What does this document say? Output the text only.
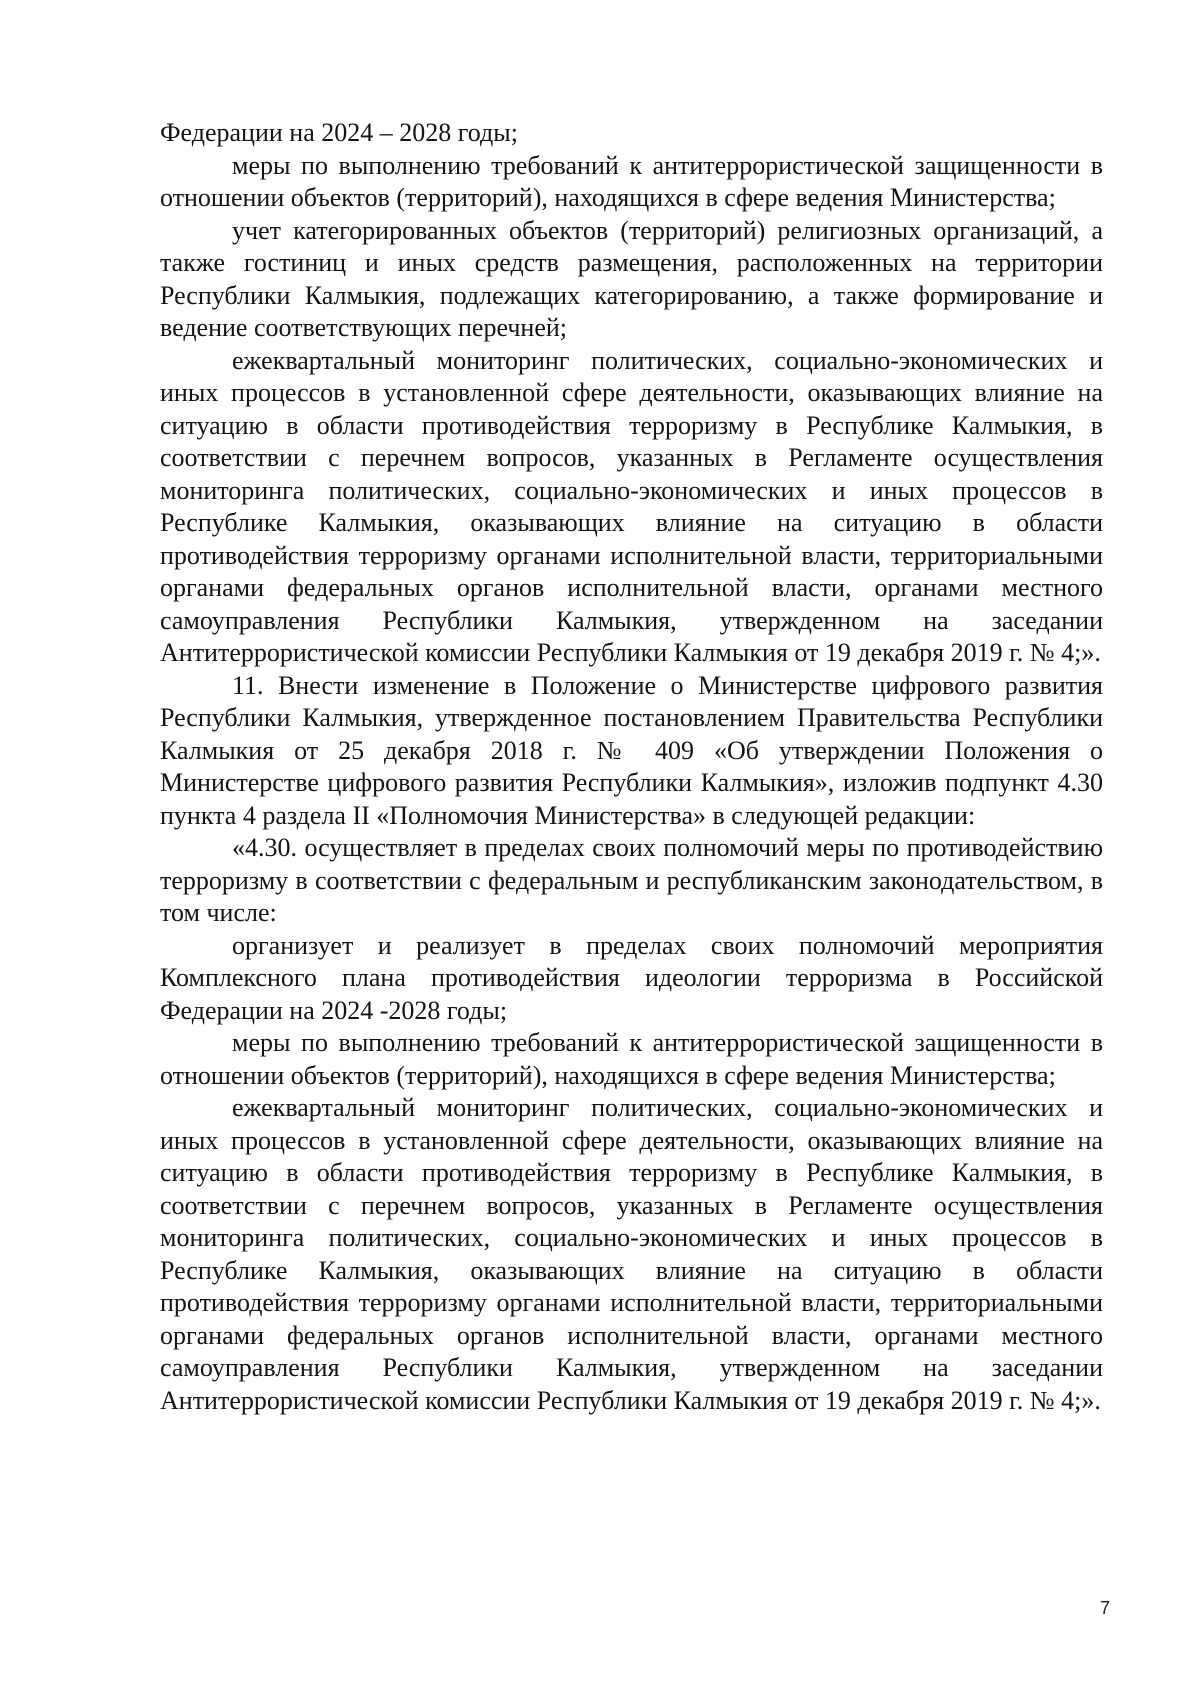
Федерации на 2024 – 2028 годы;

меры по выполнению требований к антитеррористической защищенности в отношении объектов (территорий), находящихся в сфере ведения Министерства;

учет категорированных объектов (территорий) религиозных организаций, а также гостиниц и иных средств размещения, расположенных на территории Республики Калмыкия, подлежащих категорированию, а также формирование и ведение соответствующих перечней;

ежеквартальный мониторинг политических, социально-экономических и иных процессов в установленной сфере деятельности, оказывающих влияние на ситуацию в области противодействия терроризму в Республике Калмыкия, в соответствии с перечнем вопросов, указанных в Регламенте осуществления мониторинга политических, социально-экономических и иных процессов в Республике Калмыкия, оказывающих влияние на ситуацию в области противодействия терроризму органами исполнительной власти, территориальными органами федеральных органов исполнительной власти, органами местного самоуправления Республики Калмыкия, утвержденном на заседании Антитеррористической комиссии Республики Калмыкия от 19 декабря 2019 г. № 4;».

11. Внести изменение в Положение о Министерстве цифрового развития Республики Калмыкия, утвержденное постановлением Правительства Республики Калмыкия от 25 декабря 2018 г. № 409 «Об утверждении Положения о Министерстве цифрового развития Республики Калмыкия», изложив подпункт 4.30 пункта 4 раздела II «Полномочия Министерства» в следующей редакции:

«4.30. осуществляет в пределах своих полномочий меры по противодействию терроризму в соответствии с федеральным и республиканским законодательством, в том числе:

организует и реализует в пределах своих полномочий мероприятия Комплексного плана противодействия идеологии терроризма в Российской Федерации на 2024 -2028 годы;

меры по выполнению требований к антитеррористической защищенности в отношении объектов (территорий), находящихся в сфере ведения Министерства;

ежеквартальный мониторинг политических, социально-экономических и иных процессов в установленной сфере деятельности, оказывающих влияние на ситуацию в области противодействия терроризму в Республике Калмыкия, в соответствии с перечнем вопросов, указанных в Регламенте осуществления мониторинга политических, социально-экономических и иных процессов в Республике Калмыкия, оказывающих влияние на ситуацию в области противодействия терроризму органами исполнительной власти, территориальными органами федеральных органов исполнительной власти, органами местного самоуправления Республики Калмыкия, утвержденном на заседании Антитеррористической комиссии Республики Калмыкия от 19 декабря 2019 г. № 4;».

7
